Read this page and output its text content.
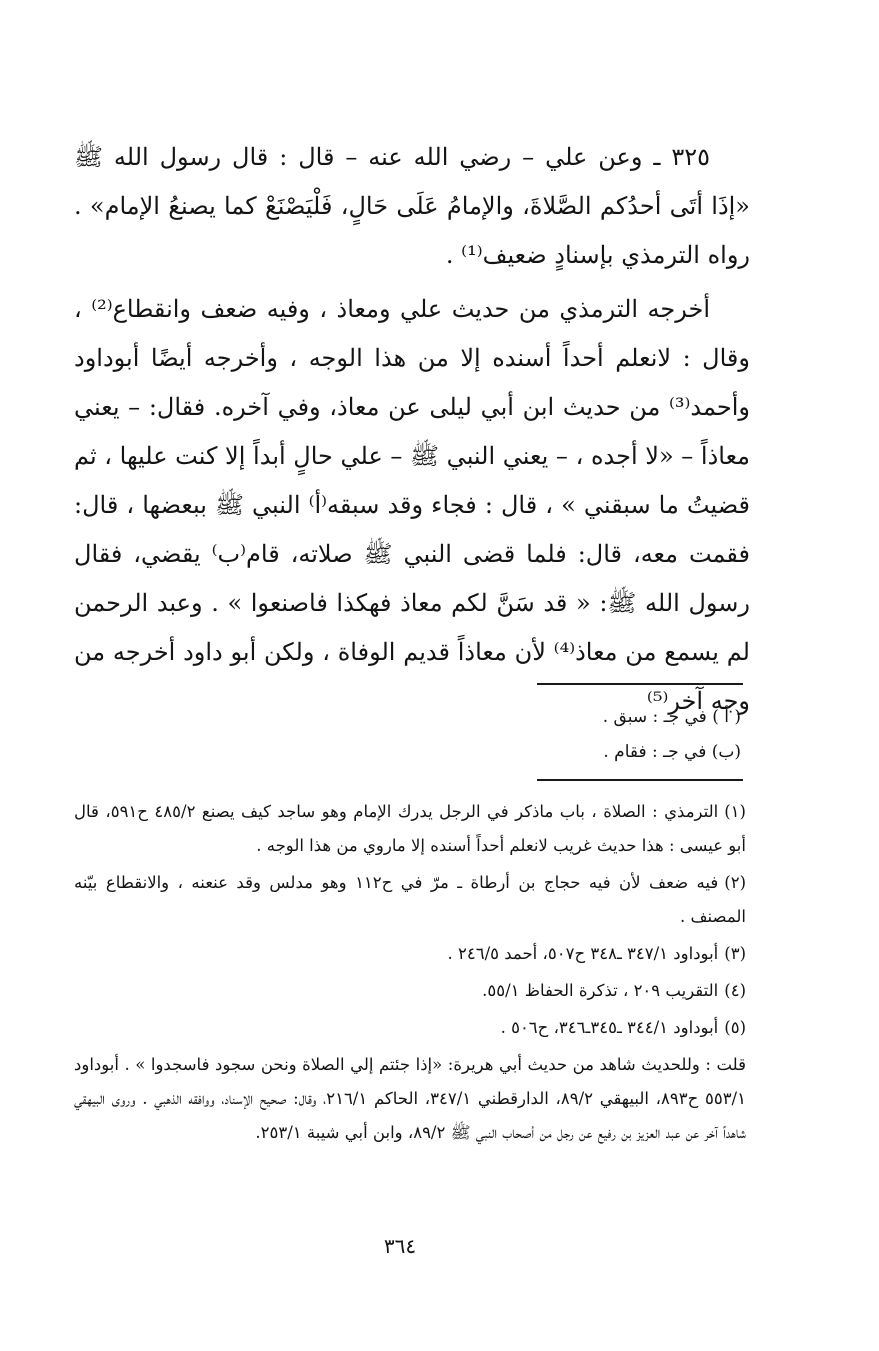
٣٢٥ ـ وعن علي – رضي الله عنه – قال : قال رسول الله ﷺ «إذَا أتَى أحدُكم الصَّلاةَ، والإمامُ عَلَى حَالٍ، فَلْيَصْنَعْ كما يصنعُ الإمام» . رواه الترمذي بإسنادٍ ضعيف⁽¹⁾ .

أخرجه الترمذي من حديث علي ومعاذ ، وفيه ضعف وانقطاع⁽²⁾ ، وقال : لانعلم أحداً أسنده إلا من هذا الوجه ، وأخرجه أيضًا أبوداود وأحمد⁽³⁾ من حديث ابن أبي ليلى عن معاذ، وفي آخره. فقال: – يعني معاذاً – «لا أجده ، – يعني النبي ﷺ – علي حالٍ أبداً إلا كنت عليها ، ثم قضيتُ ما سبقني » ، قال : فجاء وقد سبقه⁽أ⁾ النبي ﷺ ببعضها ، قال: فقمت معه، قال: فلما قضى النبي ﷺ صلاته، قام⁽ب⁾ يقضي، فقال رسول الله ﷺ: « قد سَنَّ لكم معاذ فهكذا فاصنعوا » . وعبد الرحمن لم يسمع من معاذ⁽⁴⁾ لأن معاذاً قديم الوفاة ، ولكن أبو داود أخرجه من وجه آخر⁽⁵⁾

( أ ) في جـ : سبق .
(ب) في جـ : فقام .
(١)الترمذي : الصلاة ، باب ماذكر في الرجل يدرك الإمام وهو ساجد كيف يصنع ٤٨٥/٢ ح٥٩١، قال أبو عيسى : هذا حديث غريب لانعلم أحداً أسنده إلا ماروي من هذا الوجه .
(٢)فيه ضعف لأن فيه حجاج بن أرطاة ـ مرّ في ح١١٢ وهو مدلس وقد عنعنه ، والانقطاع بيّنه المصنف .
(٣)أبوداود ٣٤٧/١ ـ٣٤٨ ح٥٠٧، أحمد ٢٤٦/٥ .
(٤)التقريب ٢٠٩ ، تذكرة الحفاظ ٥٥/١.
(٥)أبوداود ٣٤٤/١ ـ٣٤٥ـ٣٤٦، ح٥٠٦ .
قلت : وللحديث شاهد من حديث أبي هريرة: «إذا جئتم إلي الصلاة ونحن سجود فاسجدوا » . أبوداود ٥٥٣/١ ح٨٩٣، البيهقي ٨٩/٢، الدارقطني ٣٤٧/١، الحاكم ٢١٦/١، وقال: صحيح الإسناد، ووافقه الذهبي . وروى البيهقي شاهداً آخر عن عبد العزيز بن رفيع عن رجل من أصحاب النبي ﷺ ٨٩/٢، وابن أبي شيبة ٢٥٣/١.
٣٦٤
